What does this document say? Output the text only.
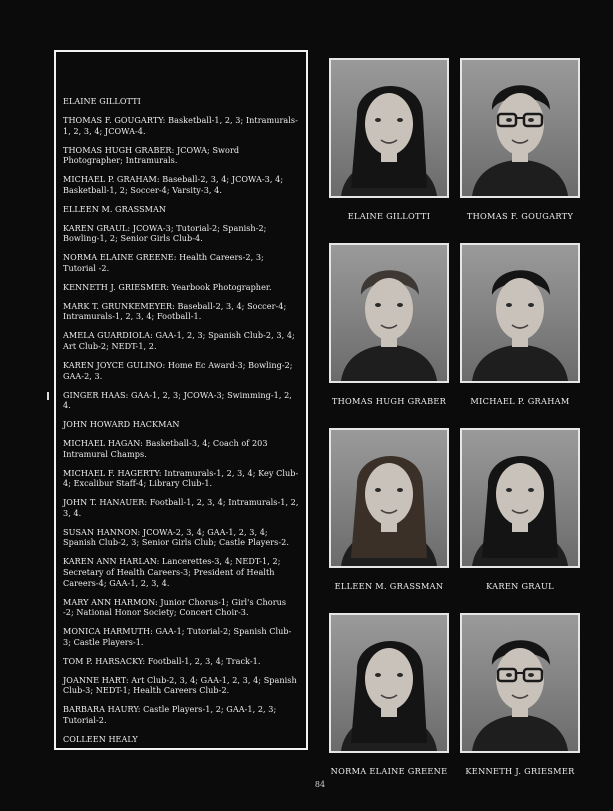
ELAINE GILLOTTI

THOMAS F. GOUGARTY: Basketball-1, 2, 3; Intramurals-1, 2, 3, 4; JCOWA-4.

THOMAS HUGH GRABER: JCOWA; Sword Photographer; Intramurals.

MICHAEL P. GRAHAM: Baseball-2, 3, 4; JCOWA-3, 4; Basketball-1, 2; Soccer-4; Varsity-3, 4.

ELLEEN M. GRASSMAN

KAREN GRAUL: JCOWA-3; Tutorial-2; Spanish-2; Bowling-1, 2; Senior Girls Club-4.

NORMA ELAINE GREENE: Health Careers-2, 3; Tutorial -2.

KENNETH J. GRIESMER: Yearbook Photographer.

MARK T. GRUNKEMEYER: Baseball-2, 3, 4; Soccer-4; Intramurals-1, 2, 3, 4; Football-1.

AMELA GUARDIOLA: GAA-1, 2, 3; Spanish Club-2, 3, 4; Art Club-2; NEDT-1, 2.

KAREN JOYCE GULINO: Home Ec Award-3; Bowling-2; GAA-2, 3.

GINGER HAAS: GAA-1, 2, 3; JCOWA-3; Swimming-1, 2, 4.

JOHN HOWARD HACKMAN

MICHAEL HAGAN: Basketball-3, 4; Coach of 203 Intramural Champs.

MICHAEL F. HAGERTY: Intramurals-1, 2, 3, 4; Key Club-4; Excalibur Staff-4; Library Club-1.

JOHN T. HANAUER: Football-1, 2, 3, 4; Intramurals-1, 2, 3, 4.

SUSAN HANNON: JCOWA-2, 3, 4; GAA-1, 2, 3, 4; Spanish Club-2, 3; Senior Girls Club; Castle Players-2.

KAREN ANN HARLAN: Lancerettes-3, 4; NEDT-1, 2; Secretary of Health Careers-3; President of Health Careers-4; GAA-1, 2, 3, 4.

MARY ANN HARMON: Junior Chorus-1; Girl's Chorus -2; National Honor Society; Concert Choir-3.

MONICA HARMUTH: GAA-1; Tutorial-2; Spanish Club-3; Castle Players-1.

TOM P. HARSACKY: Football-1, 2, 3, 4; Track-1.

JOANNE HART: Art Club-2, 3, 4; GAA-1, 2, 3, 4; Spanish Club-3; NEDT-1; Health Careers Club-2.

BARBARA HAURY: Castle Players-1, 2; GAA-1, 2, 3; Tutorial-2.

COLLEEN HEALY

ELAINE GILLOTTI	THOMAS F. GOUGARTY
THOMAS HUGH GRABER	MICHAEL P. GRAHAM
ELLEEN M. GRASSMAN	KAREN GRAUL
NORMA ELAINE GREENE	KENNETH J. GRIESMER
84
